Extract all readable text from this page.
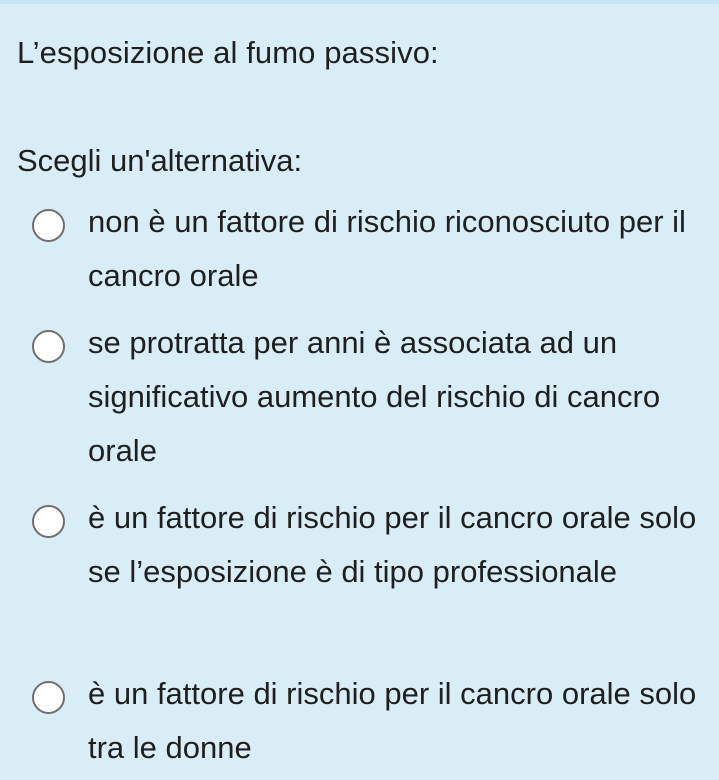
L’esposizione al fumo passivo:
Scegli un'alternativa:
non è un fattore di rischio riconosciuto per il cancro orale
se protratta per anni è associata ad un significativo aumento del rischio di cancro orale
è un fattore di rischio per il cancro orale solo se l’esposizione è di tipo professionale
è un fattore di rischio per il cancro orale solo tra le donne
